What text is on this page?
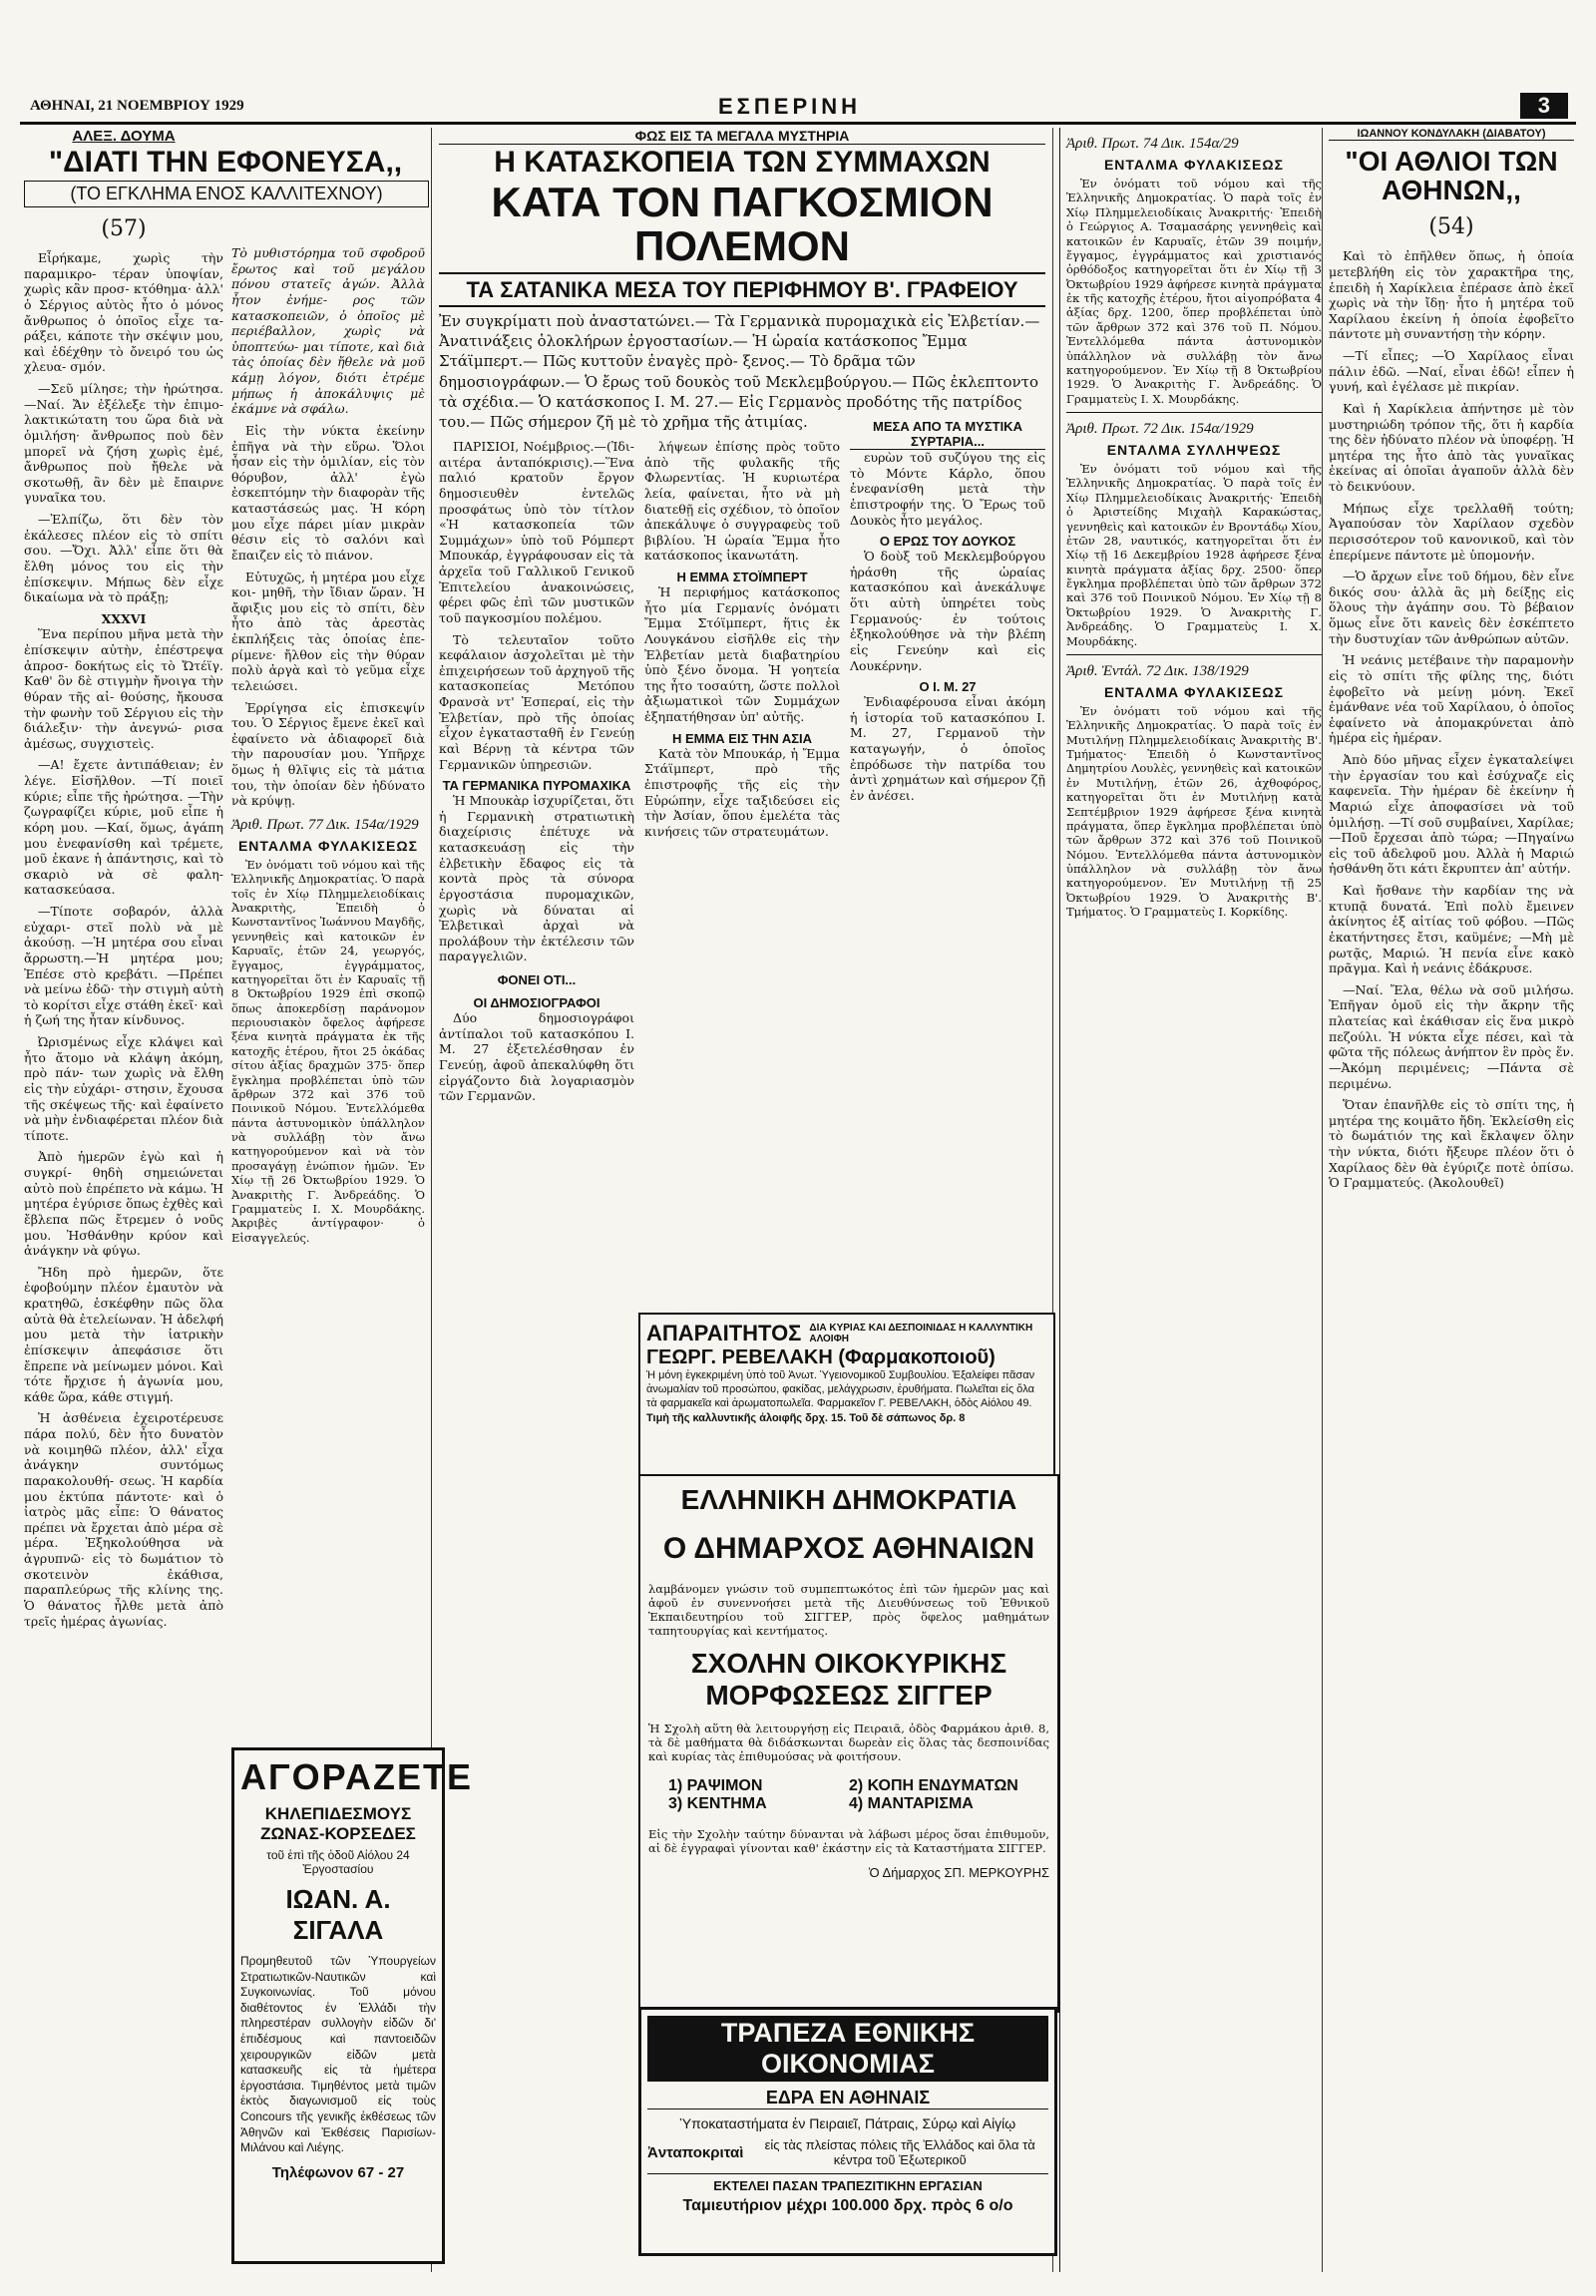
ΑΘΗΝΑΙ, 21 ΝΟΕΜΒΡΙΟΥ 1929	ΕΣΠΕΡΙΝΗ	3
ΑΛΕΞ. ΔΟΥΜΑ
"ΔΙΑΤΙ ΤΗΝ ΕΦΟΝΕΥΣΑ,,
(ΤΟ ΕΓΚΛΗΜΑ ΕΝΟΣ ΚΑΛΛΙΤΕΧΝΟΥ)
(57)

Εἶρήκαμε, χωρὶς τὴν παραμικρο- τέραν ὑποψίαν, χωρὶς κἂν προσ- κτόθημα· ἀλλ' ὁ Σέργιος αὐτὸς ἦτο ὁ μόνος ἄνθρωπος ὁ ὁποῖος εἶχε τα- ράξει, κάποτε τὴν σκέψιν μου, καὶ ἐδέχθην τὸ ὄνειρό του ὡς χλευα- σμόν.

—Σεῦ μίλησε; τὴν ἠρώτησα. —Ναί. Ἄν ἐξέλεξε τὴν ἐπιμο- λακτικώτατη του ὥρα διὰ νὰ ὁμιλήση· ἄνθρωπος ποὺ δὲν μπορεῖ νὰ ζήση χωρὶς ἐμέ, ἄνθρωπος ποὺ ἤθελε νὰ σκοτωθῇ, ἂν δὲν μὲ ἔπαιρνε γυναῖκα του.

—Ἐλπίζω, ὅτι δὲν τὸν ἐκάλεσες πλέον εἰς τὸ σπίτι σου. —Ὄχι. Ἀλλ' εἶπε ὅτι θὰ ἔλθη μόνος του εἰς τὴν ἐπίσκεψιν. Μήπως δὲν εἶχε δικαίωμα νὰ τὸ πράξῃ;

XXXVI

Ἕνα περίπου μῆνα μετὰ τὴν ἐπίσκεψιν αὐτὴν, ἐπέστρεψα ἀπροσ- δοκήτως εἰς τὸ Ὤτέϊγ. Καθ' ὃν δὲ στιγμὴν ἤνοιγα τὴν θύραν τῆς αἰ- θούσης, ἤκουσα τὴν φωνὴν τοῦ Σέργιου εἰς τὴν διάλεξιν· τὴν ἀνεγνώ- ρισα ἀμέσως, συγχιστεὶς.

—Α! ἔχετε ἀντιπάθειαν; ἐν λέγε. Εἰσῆλθον. —Τί ποιεῖ κύριε; εἶπε τῆς ἠρώτησα. —Τὴν ζωγραφίζει κύριε, μοῦ εἶπε ἡ κόρη μου. —Καί, ὅμως, ἀγάπη μου ἐνεφανίσθη καὶ τρέμετε, μοῦ ἐκανε ἡ ἀπάντησις, καὶ τὸ σκαριὸ νὰ σὲ φαλη- κατασκεύασα.

—Τίποτε σοβαρόν, ἀλλὰ εὐχαρι- στεῖ πολὺ νὰ μὲ ἀκούσῃ. —Ἡ μητέρα σου εἶναι ἄρρωστη.—Ἡ μητέρα μου; Ἐπέσε στὸ κρεβάτι. —Πρέπει νὰ μείνω ἐδῶ· τὴν στιγμὴ αὐτὴ τὸ κορίτσι εἶχε στάθη ἐκεῖ· καὶ ἡ ζωή της ἦταν κίνδυνος.

Ὠρισμένως εἶχε κλάψει καὶ ἦτο ἄτομο νὰ κλάψη ἀκόμη, πρὸ πάν- των χωρὶς νὰ ἔλθη εἰς τὴν εὐχάρι- στησιν, ἔχουσα τῆς σκέψεως τῆς· καὶ ἐφαίνετο νὰ μὴν ἐνδιαφέρεται πλέον διὰ τίποτε.

Ἀπὸ ἡμερῶν ἐγὼ καὶ ἡ συγκρί- θηδὴ σημειώνεται αὐτὸ ποὺ ἐπρέπετο νὰ κάμω. Ἡ μητέρα ἐγύρισε ὅπως ἐχθὲς καὶ ἔβλεπα πῶς ἔτρεμεν ὁ νοῦς μου. Ἠσθάνθην κρύον καὶ ἀνάγκην νὰ φύγω.

Ἤδη πρὸ ἡμερῶν, ὅτε ἐφοβούμην πλέον ἐμαυτὸν νὰ κρατηθῶ, ἐσκέφθην πῶς ὅλα αὐτὰ θὰ ἐτελείωναν. Ἡ ἀδελφή μου μετὰ τὴν ἰατρικὴν ἐπίσκεψιν ἀπεφάσισε ὅτι ἔπρεπε νὰ μείνωμεν μόνοι. Καὶ τότε ἤρχισε ἡ ἀγωνία μου, κάθε ὥρα, κάθε στιγμή.

Ἡ ἀσθένεια ἐχειροτέρευσε πάρα πολύ, δὲν ἦτο δυνατὸν νὰ κοιμηθῶ πλέον, ἀλλ' εἶχα ἀνάγκην συντόμως παρακολουθή- σεως. Ἡ καρδία μου ἐκτύπα πάντοτε· καὶ ὁ ἰατρὸς μᾶς εἶπε: Ὁ θάνατος πρέπει νὰ ἔρχεται ἀπὸ μέρα σὲ μέρα. Ἐξηκολούθησα νὰ ἀγρυπνῶ· εἰς τὸ δωμάτιον τὸ σκοτεινὸν ἐκάθισα, παραπλεύρως τῆς κλίνης της. Ὁ θάνατος ἦλθε μετὰ ἀπὸ τρεῖς ἡμέρας ἀγωνίας.

Τὸ μυθιστόρημα τοῦ σφοδροῦ ἔρωτος καὶ τοῦ μεγάλου πόνου στατεῖς ἀγών. Ἀλλὰ ἦτον ἐνήμε- ρος τῶν κατασκοπειῶν, ὁ ὁποῖος μὲ περιέβαλλον, χωρὶς νὰ ὑποπτεύω- μαι τίποτε, καὶ διὰ τὰς ὁποίας δὲν ἤθελε νὰ μοῦ κάμῃ λόγον, διότι ἐτρέμε μήπως ἡ ἀποκάλυψις μὲ ἐκάμνε νὰ σφάλω.

Εἰς τὴν νύκτα ἐκείνην ἐπῆγα νὰ τὴν εὕρω. Ὅλοι ἦσαν εἰς τὴν ὁμιλίαν, εἰς τὸν θόρυβον, ἀλλ' ἐγὼ ἐσκεπτόμην τὴν διαφορὰν τῆς καταστάσεώς μας. Ἡ κόρη μου εἶχε πάρει μίαν μικρὰν θέσιν εἰς τὸ σαλόνι καὶ ἔπαιζεν εἰς τὸ πιάνον.

Εὐτυχῶς, ἡ μητέρα μου εἶχε κοι- μηθῆ, τὴν ἴδιαν ὥραν. Ἡ ἄφιξις μου εἰς τὸ σπίτι, δὲν ἦτο ἀπὸ τὰς ἀρεστὰς ἐκπλήξεις τὰς ὁποίας ἐπε- ρίμενε· ἤλθον εἰς τὴν θύραν πολὺ ἀργὰ καὶ τὸ γεῦμα εἶχε τελειώσει.

Ἐρρίγησα εἰς ἐπισκεψίν του. Ὁ Σέργιος ἔμενε ἐκεῖ καὶ ἐφαίνετο νὰ ἀδιαφορεῖ διὰ τὴν παρουσίαν μου. Ὑπῆρχε ὅμως ἡ θλῖψις εἰς τὰ μάτια του, τὴν ὁποίαν δὲν ἠδύνατο νὰ κρύψῃ.

Ἀριθ. Πρωτ. 77 Δικ. 154α/1929
ΕΝΤΑΛΜΑ ΦΥΛΑΚΙΣΕΩΣ

Ἐν ὀνόματι τοῦ νόμου καὶ τῆς Ἑλληνικῆς Δημοκρατίας. Ὁ παρὰ τοῖς ἐν Χίῳ Πλημμελειοδίκαις Ἀνακριτὴς, Ἐπειδὴ ὁ Κωνσταντῖνος Ἰωάννου Μαγδῆς, γεννηθεὶς καὶ κατοικῶν ἐν Καρυαῖς, ἐτῶν 24, γεωργός, ἔγγαμος, ἐγγράμματος, κατηγορεῖται ὅτι ἐν Καρυαῖς τῇ 8 Ὀκτωβρίου 1929 ἐπὶ σκοπῷ ὅπως ἀποκερδίσῃ παράνομον περιουσιακὸν ὄφελος ἀφήρεσε ξένα κινητὰ πράγματα ἐκ τῆς κατοχῆς ἑτέρου, ἤτοι 25 ὀκάδας σίτου ἀξίας δραχμῶν 375· ὅπερ ἔγκλημα προβλέπεται ὑπὸ τῶν ἄρθρων 372 καὶ 376 τοῦ Ποινικοῦ Νόμου. Ἐντελλόμεθα πάντα ἀστυνομικὸν ὑπάλληλον νὰ συλλάβῃ τὸν ἄνω κατηγορούμενον καὶ νὰ τὸν προσαγάγῃ ἐνώπιον ἡμῶν. Ἐν Χίῳ τῇ 26 Ὀκτωβρίου 1929. Ὁ Ἀνακριτὴς Γ. Ἀνδρεάδης. Ὁ Γραμματεὺς Ι. Χ. Μουρδάκης. Ἀκριβὲς ἀντίγραφον· ὁ Εἰσαγγελεύς.

ΑΓΟΡΑΖΕΤΕ
ΚΗΛΕΠΙΔΕΣΜΟΥΣ
ΖΩΝΑΣ-ΚΟΡΣΕΔΕΣ
τοῦ ἐπὶ τῆς ὁδοῦ Αἰόλου 24 Ἐργοστασίου
ΙΩΑΝ. Α. ΣΙΓΑΛΑ
Προμηθευτοῦ τῶν Ὑπουργείων Στρατιωτικῶν-Ναυτικῶν καὶ Συγκοινωνίας. Τοῦ μόνου διαθέτοντος ἐν Ἑλλάδι τὴν πληρεστέραν συλλογὴν εἰδῶν δι' ἐπιδέσμους καὶ παντοειδῶν χειρουργικῶν εἰδῶν μετὰ κατασκευῆς εἰς τὰ ἡμέτερα ἐργοστάσια. Τιμηθέντος μετὰ τιμῶν ἐκτὸς διαγωνισμοῦ εἰς τοὺς Concours τῆς γενικῆς ἐκθέσεως τῶν Ἀθηνῶν καὶ Ἐκθέσεις Παρισίων-Μιλάνου καὶ Λιέγης.
Τηλέφωνον 67 - 27
ΦΩΣ ΕΙΣ ΤΑ ΜΕΓΑΛΑ ΜΥΣΤΗΡΙΑ
Η ΚΑΤΑΣΚΟΠΕΙΑ ΤΩΝ ΣΥΜΜΑΧΩΝ
ΚΑΤΑ ΤΟΝ ΠΑΓΚΟΣΜΙΟΝ ΠΟΛΕΜΟΝ
ΤΑ ΣΑΤΑΝΙΚΑ ΜΕΣΑ ΤΟΥ ΠΕΡΙΦΗΜΟΥ Β'. ΓΡΑΦΕΙΟΥ

Ἐν συγκρίματι ποὺ ἀναστατώνει.— Τὰ Γερμανικὰ πυρομαχικὰ εἰς Ἐλβετίαν.— Ἀνατινάξεις ὁλοκλήρων ἐργοστασίων.— Ἡ ὡραία κατάσκοπος Ἔμμα Στάϊμπερτ.— Πῶς κυττοῦν ἐναγὲς πρὸ- ξενος.— Τὸ δρᾶμα τῶν δημοσιογράφων.— Ὁ ἔρως τοῦ δουκὸς τοῦ Μεκλεμβούργου.— Πῶς ἐκλεπτοντο τὰ σχέδια.— Ὁ κατάσκοπος Ι. Μ. 27.— Εἰς Γερμανὸς προδότης τῆς πατρίδος του.— Πῶς σήμερον ζῆ μὲ τὸ χρῆμα τῆς ἀτιμίας.

ΠΑΡΙΣΙΟΙ, Νοέμβριος.—(Ἰδι- αιτέρα ἀνταπόκρισις).—Ἕνα παλιό κρατοῦν ἔργον δημοσιευθὲν ἐντελῶς προσφάτως ὑπὸ τὸν τίτλον «Ἡ κατασκοπεία τῶν Συμμάχων» ὑπὸ τοῦ Ρόμπερτ Μπουκάρ, ἐγγράφουσαν εἰς τὰ ἀρχεῖα τοῦ Γαλλικοῦ Γενικοῦ Ἐπιτελείου ἀνακοινώσεις, φέρει φῶς ἐπὶ τῶν μυστικῶν τοῦ παγκοσμίου πολέμου.

Τὸ τελευταῖον τοῦτο κεφάλαιον ἀσχολεῖται μὲ τὴν ἐπιχειρήσεων τοῦ ἀρχηγοῦ τῆς κατασκοπείας Μετόπου Φρανσὰ ντ' Ἐσπεραί, εἰς τὴν Ἐλβετίαν, πρὸ τῆς ὁποίας εἶχον ἐγκατασταθῆ ἐν Γενεύῃ καὶ Βέρνῃ τὰ κέντρα τῶν Γερμανικῶν ὑπηρεσιῶν.

ΤΑ ΓΕΡΜΑΝΙΚΑ ΠΥΡΟΜΑΧΙΚΑ

Ἡ Μπουκὰρ ἰσχυρίζεται, ὅτι ἡ Γερμανικὴ στρατιωτικὴ διαχείρισις ἐπέτυχε νὰ κατασκευάσῃ εἰς τὴν ἐλβετικὴν ἔδαφος εἰς τὰ κοντὰ πρὸς τὰ σύνορα ἐργοστάσια πυρομαχικῶν, χωρὶς νὰ δύναται αἱ Ἐλβετικαὶ ἀρχαὶ νὰ προλάβουν τὴν ἐκτέλεσιν τῶν παραγγελιῶν.

ΦΟΝΕΙ ΟΤΙ...
ΟΙ ΔΗΜΟΣΙΟΓΡΑΦΟΙ

Δύο δημοσιογράφοι ἀντίπαλοι τοῦ κατασκόπου Ι. Μ. 27 ἐξετελέσθησαν ἐν Γενεύῃ, ἀφοῦ ἀπεκαλύφθη ὅτι εἰργάζοντο διὰ λογαριασμὸν τῶν Γερμανῶν.

λήψεων ἐπίσης πρὸς τοῦτο ἀπὸ τῆς φυλακῆς τῆς Φλωρεντίας. Ἡ κυριωτέρα λεία, φαίνεται, ἦτο νὰ μὴ διατεθῇ εἰς σχέδιον, τὸ ὁποῖον ἀπεκάλυψε ὁ συγγραφεὺς τοῦ βιβλίου. Ἡ ὡραία Ἔμμα ἦτο κατάσκοπος ἱκανωτάτη.

Η ΕΜΜΑ ΣΤΟΪΜΠΕΡΤ

Ἡ περιφήμος κατάσκοπος ἦτο μία Γερμανίς ὀνόματι Ἔμμα Στόϊμπερτ, ἥτις ἐκ Λουγκάνου εἰσῆλθε εἰς τὴν Ἐλβετίαν μετὰ διαβατηρίου ὑπὸ ξένο ὄνομα. Ἡ γοητεία της ἦτο τοσαύτη, ὥστε πολλοὶ ἀξιωματικοὶ τῶν Συμμάχων ἐξηπατήθησαν ὑπ' αὐτῆς.

Η ΕΜΜΑ ΕΙΣ ΤΗΝ ΑΣΙΑ

Κατὰ τὸν Μπουκάρ, ἡ Ἔμμα Στάϊμπερτ, πρὸ τῆς ἐπιστροφῆς τῆς εἰς τὴν Εὐρώπην, εἶχε ταξιδεύσει εἰς τὴν Ἀσίαν, ὅπου ἐμελέτα τὰς κινήσεις τῶν στρατευμάτων.

ΜΕΣΑ ΑΠΟ ΤΑ ΜΥΣΤΙΚΑ ΣΥΡΤΑΡΙΑ...

ευρὼν τοῦ συζύγου της εἰς τὸ Μόντε Κάρλο, ὅπου ἐνεφανίσθη μετὰ τὴν ἐπιστροφήν της. Ὁ Ἔρως τοῦ Δουκὸς ἦτο μεγάλος.

Ο ΕΡΩΣ ΤΟΥ ΔΟΥΚΟΣ

Ὁ δοὺξ τοῦ Μεκλεμβούργου ἠράσθη τῆς ὡραίας κατασκόπου καὶ ἀνεκάλυψε ὅτι αὐτὴ ὑπηρέτει τοὺς Γερμανούς· ἐν τούτοις ἐξηκολούθησε νὰ τὴν βλέπη εἰς Γενεύην καὶ εἰς Λουκέρνην.

Ο Ι. Μ. 27

Ἐνδιαφέρουσα εἶναι ἀκόμη ἡ ἱστορία τοῦ κατασκόπου Ι. Μ. 27, Γερμανοῦ τὴν καταγωγήν, ὁ ὁποῖος ἐπρόδωσε τὴν πατρίδα του ἀντὶ χρημάτων καὶ σήμερον ζῇ ἐν ἀνέσει.

ΑΠΑΡΑΙΤΗΤΟΣ ΔΙΑ ΚΥΡΙΑΣ ΚΑΙ ΔΕΣΠΟΙΝΙΔΑΣ Η ΚΑΛΛΥΝΤΙΚΗ ΑΛΟΙΦΗ
ΓΕΩΡΓ. ΡΕΒΕΛΑΚΗ (Φαρμακοποιοῦ)
Ἡ μόνη ἐγκεκριμένη ὑπὸ τοῦ Ἀνωτ. Ὑγειονομικοῦ Συμβουλίου. Ἐξαλείφει πᾶσαν ἀνωμαλίαν τοῦ προσώπου, φακίδας, μελάγχρωσιν, ἐρυθήματα. Πωλεῖται εἰς ὅλα τὰ φαρμακεῖα καὶ ἀρωματοπωλεῖα. Φαρμακεῖον Γ. ΡΕΒΕΛΑΚΗ, ὁδὸς Αἰόλου 49.
Τιμὴ τῆς καλλυντικῆς ἀλοιφῆς δρχ. 15. Τοῦ δὲ σάπωνος δρ. 8
ΕΛΛΗΝΙΚΗ ΔΗΜΟΚΡΑΤΙΑ
Ο ΔΗΜΑΡΧΟΣ ΑΘΗΝΑΙΩΝ
λαμβάνομεν γνώσιν τοῦ συμπεπτωκότος ἐπὶ τῶν ἡμερῶν μας καὶ ἀφοῦ ἐν συνεννοήσει μετὰ τῆς Διευθύνσεως τοῦ Ἐθνικοῦ Ἐκπαιδευτηρίου τοῦ ΣΙΓΓΕΡ, πρὸς ὅφελος μαθημάτων ταπητουργίας καὶ κεντήματος.
ΣΧΟΛΗΝ ΟΙΚΟΚΥΡΙΚΗΣ
ΜΟΡΦΩΣΕΩΣ ΣΙΓΓΕΡ
Ἡ Σχολὴ αὕτη θὰ λειτουργήσῃ εἰς Πειραιᾶ, ὁδὸς Φαρμάκου ἀριθ. 8, τὰ δὲ μαθήματα θὰ διδάσκωνται δωρεὰν εἰς ὅλας τὰς δεσποινίδας καὶ κυρίας τὰς ἐπιθυμούσας νὰ φοιτήσουν.
1) ΡΑΨΙΜΟΝ	2) ΚΟΠΗ ΕΝΔΥΜΑΤΩΝ
3) ΚΕΝΤΗΜΑ	4) ΜΑΝΤΑΡΙΣΜΑ
Εἰς τὴν Σχολὴν ταύτην δύνανται νὰ λάβωσι μέρος ὅσαι ἐπιθυμοῦν, αἱ δὲ ἐγγραφαὶ γίνονται καθ' ἑκάστην εἰς τὰ Καταστήματα ΣΙΓΓΕΡ.
Ὁ Δήμαρχος ΣΠ. ΜΕΡΚΟΥΡΗΣ
ΤΡΑΠΕΖΑ ΕΘΝΙΚΗΣ ΟΙΚΟΝΟΜΙΑΣ
ΕΔΡΑ ΕΝ ΑΘΗΝΑΙΣ
Ὑποκαταστήματα ἐν Πειραιεῖ, Πάτραις, Σύρῳ καὶ Αἰγίῳ
Ἀνταποκριταὶ	εἰς τὰς πλείστας πόλεις τῆς Ἑλλάδος καὶ ὅλα τὰ κέντρα τοῦ Ἐξωτερικοῦ
ΕΚΤΕΛΕΙ ΠΑΣΑΝ ΤΡΑΠΕΖΙΤΙΚΗΝ ΕΡΓΑΣΙΑΝ
Ταμιευτήριον μέχρι 100.000 δρχ. πρὸς 6 ο/ο
Ἀριθ. Πρωτ. 74 Δικ. 154α/29
ΕΝΤΑΛΜΑ ΦΥΛΑΚΙΣΕΩΣ

Ἐν ὀνόματι τοῦ νόμου καὶ τῆς Ἑλληνικῆς Δημοκρατίας. Ὁ παρὰ τοῖς ἐν Χίῳ Πλημμελειοδίκαις Ἀνακριτής· Ἐπειδὴ ὁ Γεώργιος Α. Τσαμασάρης γεννηθεὶς καὶ κατοικῶν ἐν Καρυαῖς, ἐτῶν 39 ποιμήν, ἔγγαμος, ἐγγράμματος καὶ χριστιανός ὀρθόδοξος κατηγορεῖται ὅτι ἐν Χίῳ τῇ 3 Ὀκτωβρίου 1929 ἀφήρεσε κινητὰ πράγματα ἐκ τῆς κατοχῆς ἑτέρου, ἤτοι αἰγοπρόβατα 4 ἀξίας δρχ. 1200, ὅπερ προβλέπεται ὑπὸ τῶν ἄρθρων 372 καὶ 376 τοῦ Π. Νόμου. Ἐντελλόμεθα πάντα ἀστυνομικὸν ὑπάλληλον νὰ συλλάβῃ τὸν ἄνω κατηγορούμενον. Ἐν Χίῳ τῇ 8 Ὀκτωβρίου 1929. Ὁ Ἀνακριτὴς Γ. Ἀνδρεάδης. Ὁ Γραμματεὺς Ι. Χ. Μουρδάκης.

Ἀριθ. Πρωτ. 72 Δικ. 154α/1929
ΕΝΤΑΛΜΑ ΣΥΛΛΗΨΕΩΣ

Ἐν ὀνόματι τοῦ νόμου καὶ τῆς Ἑλληνικῆς Δημοκρατίας. Ὁ παρὰ τοῖς ἐν Χίῳ Πλημμελειοδίκαις Ἀνακριτής· Ἐπειδὴ ὁ Ἀριστείδης Μιχαὴλ Καρακώστας, γεννηθεὶς καὶ κατοικῶν ἐν Βροντάδῳ Χίου, ἐτῶν 28, ναυτικός, κατηγορεῖται ὅτι ἐν Χίῳ τῇ 16 Δεκεμβρίου 1928 ἀφήρεσε ξένα κινητὰ πράγματα ἀξίας δρχ. 2500· ὅπερ ἔγκλημα προβλέπεται ὑπὸ τῶν ἄρθρων 372 καὶ 376 τοῦ Ποινικοῦ Νόμου. Ἐν Χίῳ τῇ 8 Ὀκτωβρίου 1929. Ὁ Ἀνακριτὴς Γ. Ἀνδρεάδης. Ὁ Γραμματεὺς Ι. Χ. Μουρδάκης.

Ἀριθ. Ἐντάλ. 72 Δικ. 138/1929
ΕΝΤΑΛΜΑ ΦΥΛΑΚΙΣΕΩΣ

Ἐν ὀνόματι τοῦ νόμου καὶ τῆς Ἑλληνικῆς Δημοκρατίας. Ὁ παρὰ τοῖς ἐν Μυτιλήνῃ Πλημμελειοδίκαις Ἀνακριτὴς Β'. Τμήματος· Ἐπειδὴ ὁ Κωνσταντῖνος Δημητρίου Λουλὲς, γεννηθεὶς καὶ κατοικῶν ἐν Μυτιλήνῃ, ἐτῶν 26, ἀχθοφόρος, κατηγορεῖται ὅτι ἐν Μυτιλήνῃ κατὰ Σεπτέμβριον 1929 ἀφήρεσε ξένα κινητὰ πράγματα, ὅπερ ἔγκλημα προβλέπεται ὑπὸ τῶν ἄρθρων 372 καὶ 376 τοῦ Ποινικοῦ Νόμου. Ἐντελλόμεθα πάντα ἀστυνομικὸν ὑπάλληλον νὰ συλλάβῃ τὸν ἄνω κατηγορούμενον. Ἐν Μυτιλήνῃ τῇ 25 Ὀκτωβρίου 1929. Ὁ Ἀνακριτὴς Β'. Τμήματος. Ὁ Γραμματεὺς Ι. Κορκίδης.

ΙΩΑΝΝΟΥ ΚΟΝΔΥΛΑΚΗ (ΔΙΑΒΑΤΟΥ)
"ΟΙ ΑΘΛΙΟΙ ΤΩΝ ΑΘΗΝΩΝ,,
(54)

Καὶ τὸ ἐπῆλθεν ὅπως, ἡ ὁποία μετεβλήθη εἰς τὸν χαρακτῆρα της, ἐπειδὴ ἡ Χαρίκλεια ἐπέρασε ἀπὸ ἐκεῖ χωρὶς νὰ τὴν ἴδῃ· ἦτο ἡ μητέρα τοῦ Χαρίλαου ἐκείνη ἡ ὁποία ἐφοβεῖτο πάντοτε μὴ συναντήσῃ τὴν κόρην.

—Τί εἶπες; —Ὁ Χαρίλαος εἶναι πάλιν ἐδῶ. —Ναί, εἶναι ἐδῶ! εἶπεν ἡ γυνή, καὶ ἐγέλασε μὲ πικρίαν.

Καὶ ἡ Χαρίκλεια ἀπήντησε μὲ τὸν μυστηριώδη τρόπον τῆς, ὅτι ἡ καρδία της δὲν ἠδύνατο πλέον νὰ ὑποφέρῃ. Ἡ μητέρα της ἦτο ἀπὸ τὰς γυναῖκας ἐκείνας αἱ ὁποῖαι ἀγαποῦν ἀλλὰ δὲν τὸ δεικνύουν.

Μήπως εἶχε τρελλαθῆ τούτη; Ἀγαπούσαν τὸν Χαρίλαον σχεδὸν περισσότερον τοῦ κανονικοῦ, καὶ τὸν ἐπερίμενε πάντοτε μὲ ὑπομονήν.

—Ὁ ἄρχων εἶνε τοῦ δήμου, δὲν εἶνε δικός σου· ἀλλὰ ἂς μὴ δείξῃς εἰς ὅλους τὴν ἀγάπην σου. Τὸ βέβαιον ὅμως εἶνε ὅτι κανεὶς δὲν ἐσκέπτετο τὴν δυστυχίαν τῶν ἀνθρώπων αὐτῶν.

Ἡ νεάνις μετέβαινε τὴν παραμονὴν εἰς τὸ σπίτι τῆς φίλης της, διότι ἐφοβεῖτο νὰ μείνῃ μόνη. Ἐκεῖ ἐμάνθανε νέα τοῦ Χαρίλαου, ὁ ὁποῖος ἐφαίνετο νὰ ἀπομακρύνεται ἀπὸ ἡμέρα εἰς ἡμέραν.

Ἀπὸ δύο μῆνας εἶχεν ἐγκαταλείψει τὴν ἐργασίαν του καὶ ἐσύχναζε εἰς καφενεῖα. Τὴν ἡμέραν δὲ ἐκείνην ἡ Μαριώ εἶχε ἀποφασίσει νὰ τοῦ ὁμιλήσῃ. —Τί σοῦ συμβαίνει, Χαρίλαε; —Ποῦ ἔρχεσαι ἀπὸ τώρα; —Πηγαίνω εἰς τοῦ ἀδελφοῦ μου. Ἀλλὰ ἡ Μαριώ ἠσθάνθη ὅτι κάτι ἔκρυπτεν ἀπ' αὐτήν.

Καὶ ἤσθανε τὴν καρδίαν της νὰ κτυπᾷ δυνατά. Ἐπὶ πολὺ ἔμεινεν ἀκίνητος ἐξ αἰτίας τοῦ φόβου. —Πῶς ἐκατήντησες ἔτσι, καϋμένε; —Μὴ μὲ ρωτᾷς, Μαριώ. Ἡ πενία εἶνε κακὸ πρᾶγμα. Καὶ ἡ νεάνις ἐδάκρυσε.

—Ναί. Ἔλα, θέλω νὰ σοῦ μιλήσω. Ἐπῆγαν ὁμοῦ εἰς τὴν ἄκρην τῆς πλατείας καὶ ἐκάθισαν εἰς ἕνα μικρὸ πεζούλι. Ἡ νύκτα εἶχε πέσει, καὶ τὰ φῶτα τῆς πόλεως ἀνήπτον ἓν πρὸς ἕν. —Ἀκόμη περιμένεις; —Πάντα σὲ περιμένω.

Ὅταν ἐπανῆλθε εἰς τὸ σπίτι της, ἡ μητέρα της κοιμᾶτο ἤδη. Ἐκλείσθη εἰς τὸ δωμάτιόν της καὶ ἔκλαψεν ὅλην τὴν νύκτα, διότι ἤξευρε πλέον ὅτι ὁ Χαρίλαος δὲν θὰ ἐγύριζε ποτὲ ὁπίσω. Ὁ Γραμματεύς. (Ἀκολουθεῖ)
